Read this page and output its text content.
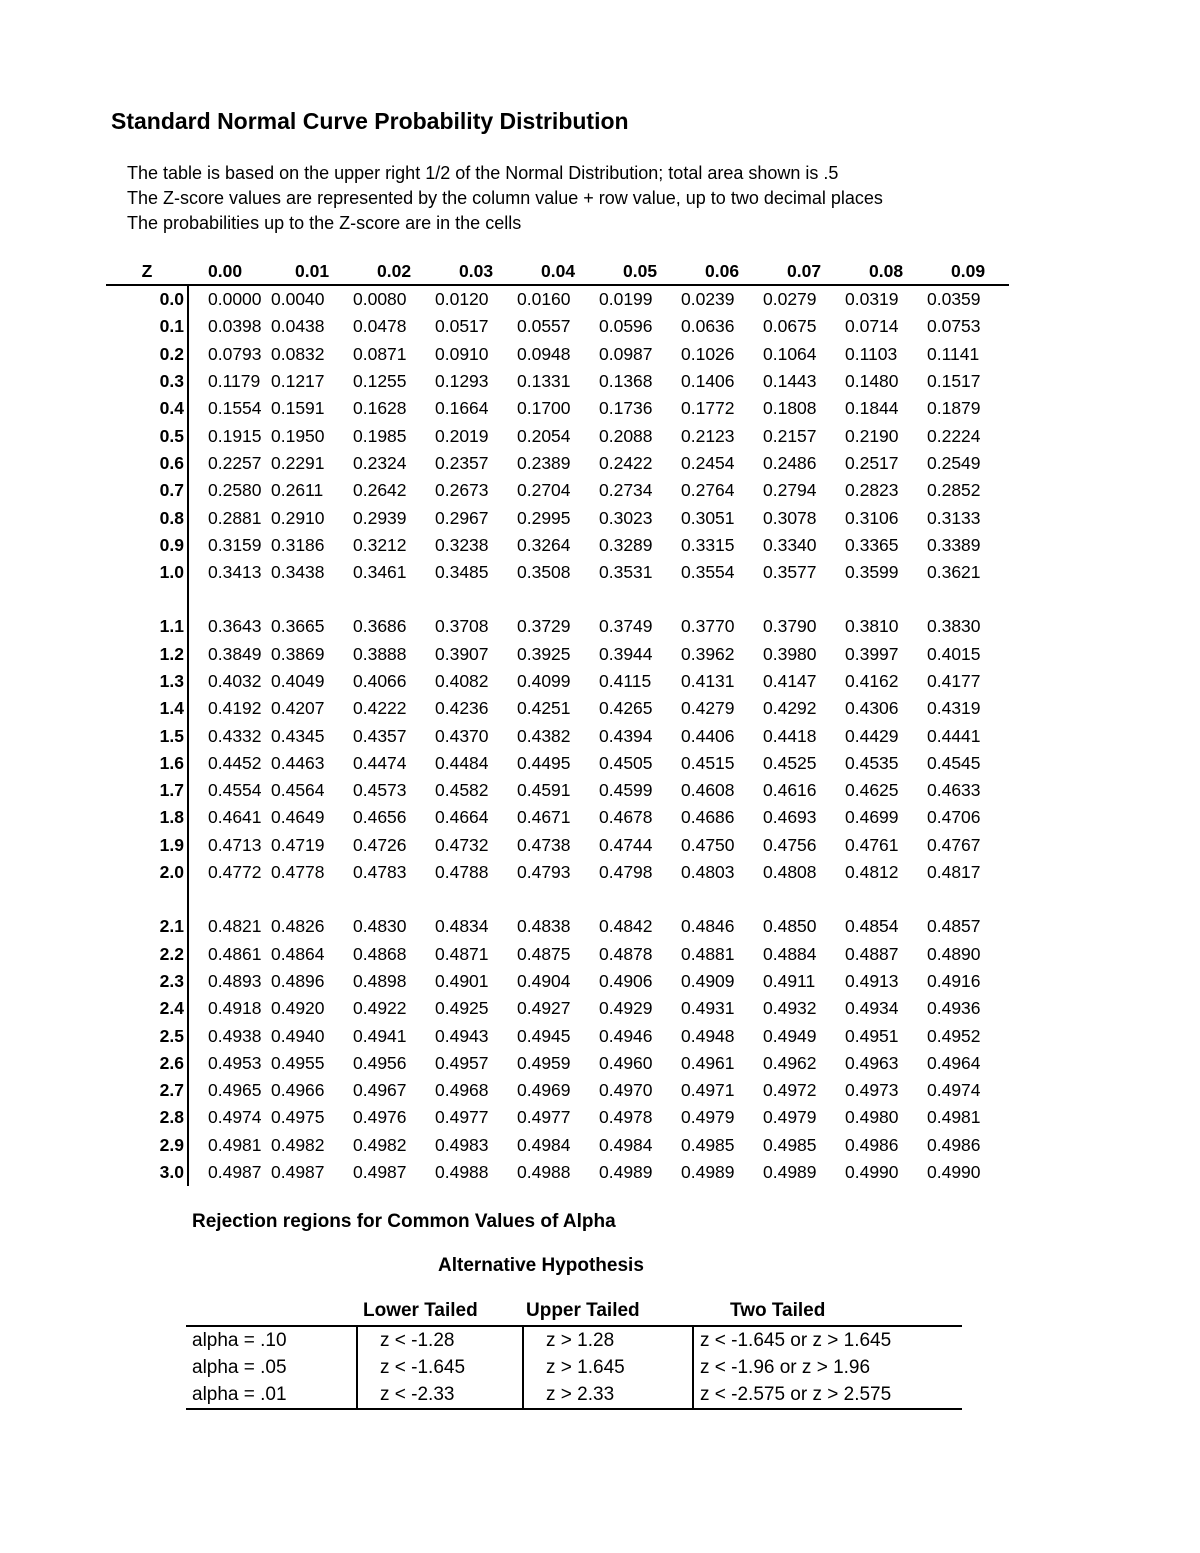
Standard Normal Curve Probability Distribution
The table is based on the upper right 1/2 of the Normal Distribution; total area shown is .5
The Z-score values are represented by the column value + row value, up to two decimal places
The probabilities up to the Z-score are in the cells
Z	0.00	0.01	0.02	0.03	0.04	0.05	0.06	0.07	0.08	0.09
0.0	0.0000	0.0040	0.0080	0.0120	0.0160	0.0199	0.0239	0.0279	0.0319	0.0359
0.1	0.0398	0.0438	0.0478	0.0517	0.0557	0.0596	0.0636	0.0675	0.0714	0.0753
0.2	0.0793	0.0832	0.0871	0.0910	0.0948	0.0987	0.1026	0.1064	0.1103	0.1141
0.3	0.1179	0.1217	0.1255	0.1293	0.1331	0.1368	0.1406	0.1443	0.1480	0.1517
0.4	0.1554	0.1591	0.1628	0.1664	0.1700	0.1736	0.1772	0.1808	0.1844	0.1879
0.5	0.1915	0.1950	0.1985	0.2019	0.2054	0.2088	0.2123	0.2157	0.2190	0.2224
0.6	0.2257	0.2291	0.2324	0.2357	0.2389	0.2422	0.2454	0.2486	0.2517	0.2549
0.7	0.2580	0.2611	0.2642	0.2673	0.2704	0.2734	0.2764	0.2794	0.2823	0.2852
0.8	0.2881	0.2910	0.2939	0.2967	0.2995	0.3023	0.3051	0.3078	0.3106	0.3133
0.9	0.3159	0.3186	0.3212	0.3238	0.3264	0.3289	0.3315	0.3340	0.3365	0.3389
1.0	0.3413	0.3438	0.3461	0.3485	0.3508	0.3531	0.3554	0.3577	0.3599	0.3621

1.1	0.3643	0.3665	0.3686	0.3708	0.3729	0.3749	0.3770	0.3790	0.3810	0.3830
1.2	0.3849	0.3869	0.3888	0.3907	0.3925	0.3944	0.3962	0.3980	0.3997	0.4015
1.3	0.4032	0.4049	0.4066	0.4082	0.4099	0.4115	0.4131	0.4147	0.4162	0.4177
1.4	0.4192	0.4207	0.4222	0.4236	0.4251	0.4265	0.4279	0.4292	0.4306	0.4319
1.5	0.4332	0.4345	0.4357	0.4370	0.4382	0.4394	0.4406	0.4418	0.4429	0.4441
1.6	0.4452	0.4463	0.4474	0.4484	0.4495	0.4505	0.4515	0.4525	0.4535	0.4545
1.7	0.4554	0.4564	0.4573	0.4582	0.4591	0.4599	0.4608	0.4616	0.4625	0.4633
1.8	0.4641	0.4649	0.4656	0.4664	0.4671	0.4678	0.4686	0.4693	0.4699	0.4706
1.9	0.4713	0.4719	0.4726	0.4732	0.4738	0.4744	0.4750	0.4756	0.4761	0.4767
2.0	0.4772	0.4778	0.4783	0.4788	0.4793	0.4798	0.4803	0.4808	0.4812	0.4817

2.1	0.4821	0.4826	0.4830	0.4834	0.4838	0.4842	0.4846	0.4850	0.4854	0.4857
2.2	0.4861	0.4864	0.4868	0.4871	0.4875	0.4878	0.4881	0.4884	0.4887	0.4890
2.3	0.4893	0.4896	0.4898	0.4901	0.4904	0.4906	0.4909	0.4911	0.4913	0.4916
2.4	0.4918	0.4920	0.4922	0.4925	0.4927	0.4929	0.4931	0.4932	0.4934	0.4936
2.5	0.4938	0.4940	0.4941	0.4943	0.4945	0.4946	0.4948	0.4949	0.4951	0.4952
2.6	0.4953	0.4955	0.4956	0.4957	0.4959	0.4960	0.4961	0.4962	0.4963	0.4964
2.7	0.4965	0.4966	0.4967	0.4968	0.4969	0.4970	0.4971	0.4972	0.4973	0.4974
2.8	0.4974	0.4975	0.4976	0.4977	0.4977	0.4978	0.4979	0.4979	0.4980	0.4981
2.9	0.4981	0.4982	0.4982	0.4983	0.4984	0.4984	0.4985	0.4985	0.4986	0.4986
3.0	0.4987	0.4987	0.4987	0.4988	0.4988	0.4989	0.4989	0.4989	0.4990	0.4990
Rejection regions for Common Values of Alpha
Alternative Hypothesis
	Lower Tailed	Upper Tailed	Two Tailed
alpha = .10	z < -1.28	z > 1.28	z < -1.645 or z > 1.645
alpha = .05	z < -1.645	z > 1.645	z < -1.96 or z > 1.96
alpha = .01	z < -2.33	z > 2.33	z < -2.575 or z > 2.575
